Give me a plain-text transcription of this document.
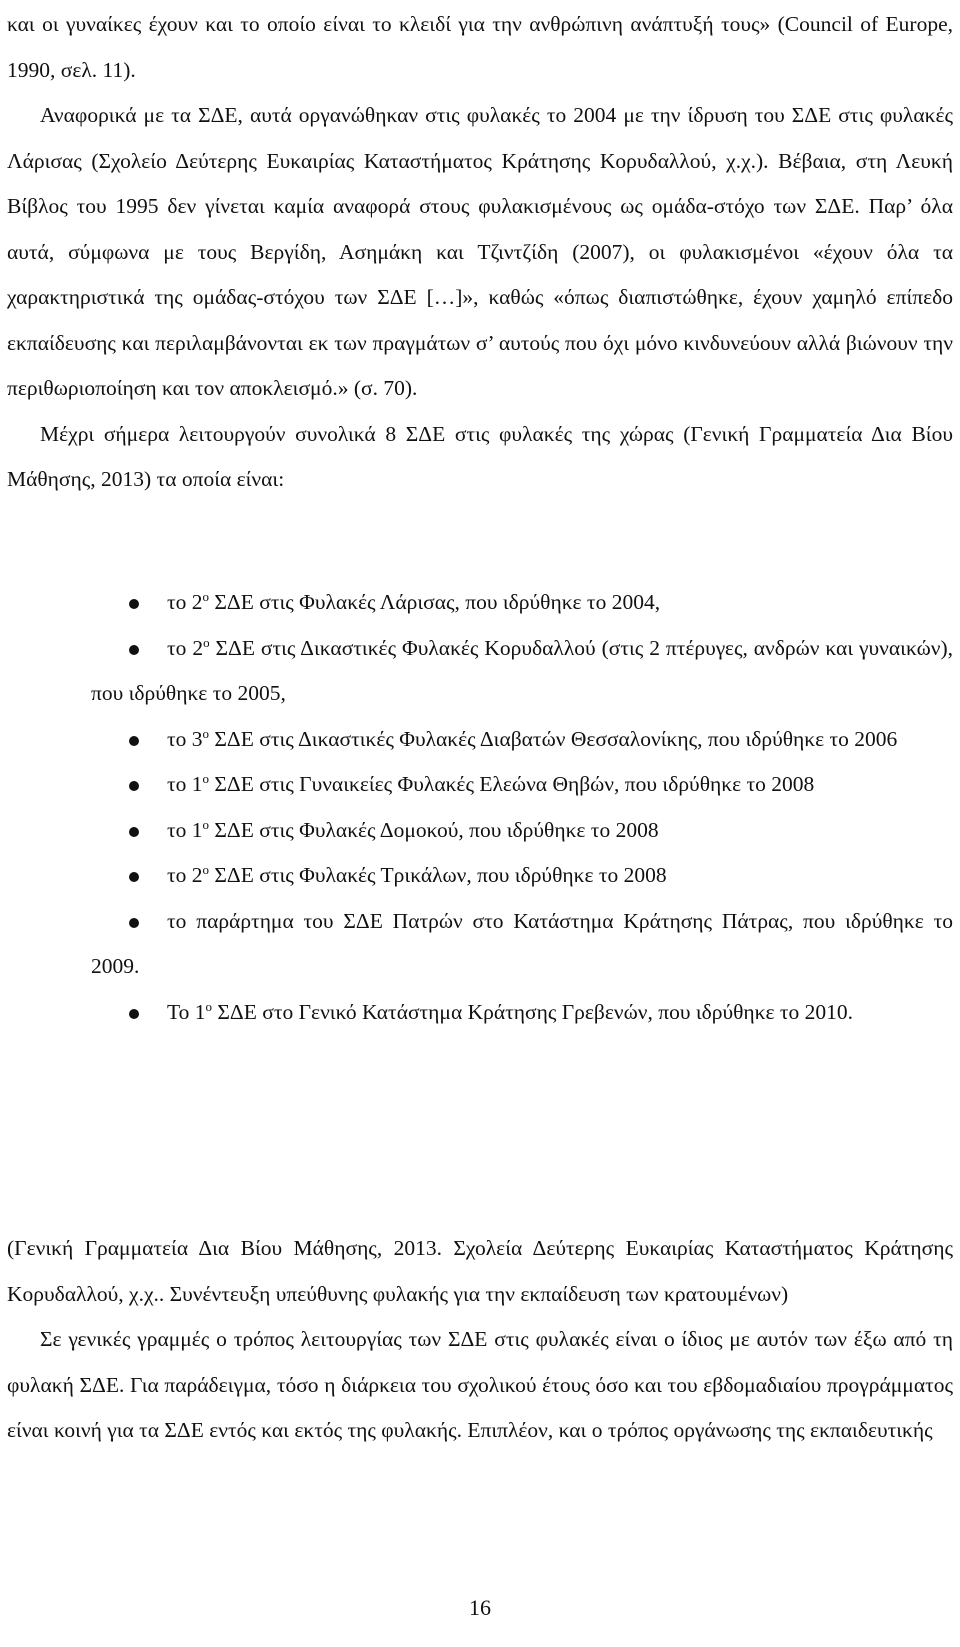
και οι γυναίκες έχουν και το οποίο είναι το κλειδί για την ανθρώπινη ανάπτυξή τους» (Council of Europe, 1990, σελ. 11).

Αναφορικά με τα ΣΔΕ, αυτά οργανώθηκαν στις φυλακές το 2004 με την ίδρυση του ΣΔΕ στις φυλακές Λάρισας (Σχολείο Δεύτερης Ευκαιρίας Καταστήματος Κράτησης Κορυδαλλού, χ.χ.). Βέβαια, στη Λευκή Βίβλος του 1995 δεν γίνεται καμία αναφορά στους φυλακισμένους ως ομάδα-στόχο των ΣΔΕ. Παρ’ όλα αυτά, σύμφωνα με τους Βεργίδη, Ασημάκη και Τζιντζίδη (2007), οι φυλακισμένοι «έχουν όλα τα χαρακτηριστικά της ομάδας-στόχου των ΣΔΕ […]», καθώς «όπως διαπιστώθηκε, έχουν χαμηλό επίπεδο εκπαίδευσης και περιλαμβάνονται εκ των πραγμάτων σ’ αυτούς που όχι μόνο κινδυνεύουν αλλά βιώνουν την περιθωριοποίηση και τον αποκλεισμό.» (σ. 70).

Μέχρι σήμερα λειτουργούν συνολικά 8 ΣΔΕ στις φυλακές της χώρας (Γενική Γραμματεία Δια Βίου Μάθησης, 2013) τα οποία είναι:

το $2^o$ ΣΔΕ στις Φυλακές Λάρισας, που ιδρύθηκε το 2004,
το $2^o$ ΣΔΕ στις Δικαστικές Φυλακές Κορυδαλλού (στις 2 πτέρυγες, ανδρών και γυναικών), που ιδρύθηκε το 2005,
το $3^o$ ΣΔΕ στις Δικαστικές Φυλακές Διαβατών Θεσσαλονίκης, που ιδρύθηκε το 2006
το $1^o$ ΣΔΕ στις Γυναικείες Φυλακές Ελεώνα Θηβών, που ιδρύθηκε το 2008
το $1^o$ ΣΔΕ στις Φυλακές Δομοκού, που ιδρύθηκε το 2008
το $2^o$ ΣΔΕ στις Φυλακές Τρικάλων, που ιδρύθηκε το 2008
το παράρτημα του ΣΔΕ Πατρών στο Κατάστημα Κράτησης Πάτρας, που ιδρύθηκε το 2009.
Το $1^o$ ΣΔΕ στο Γενικό Κατάστημα Κράτησης Γρεβενών, που ιδρύθηκε το 2010.

(Γενική Γραμματεία Δια Βίου Μάθησης, 2013. Σχολεία Δεύτερης Ευκαιρίας Καταστήματος Κράτησης Κορυδαλλού, χ.χ.. Συνέντευξη υπεύθυνης φυλακής για την εκπαίδευση των κρατουμένων)

Σε γενικές γραμμές ο τρόπος λειτουργίας των ΣΔΕ στις φυλακές είναι ο ίδιος με αυτόν των έξω από τη φυλακή ΣΔΕ. Για παράδειγμα, τόσο η διάρκεια του σχολικού έτους όσο και του εβδομαδιαίου προγράμματος είναι κοινή για τα ΣΔΕ εντός και εκτός της φυλακής. Επιπλέον, και ο τρόπος οργάνωσης της εκπαιδευτικής

16
